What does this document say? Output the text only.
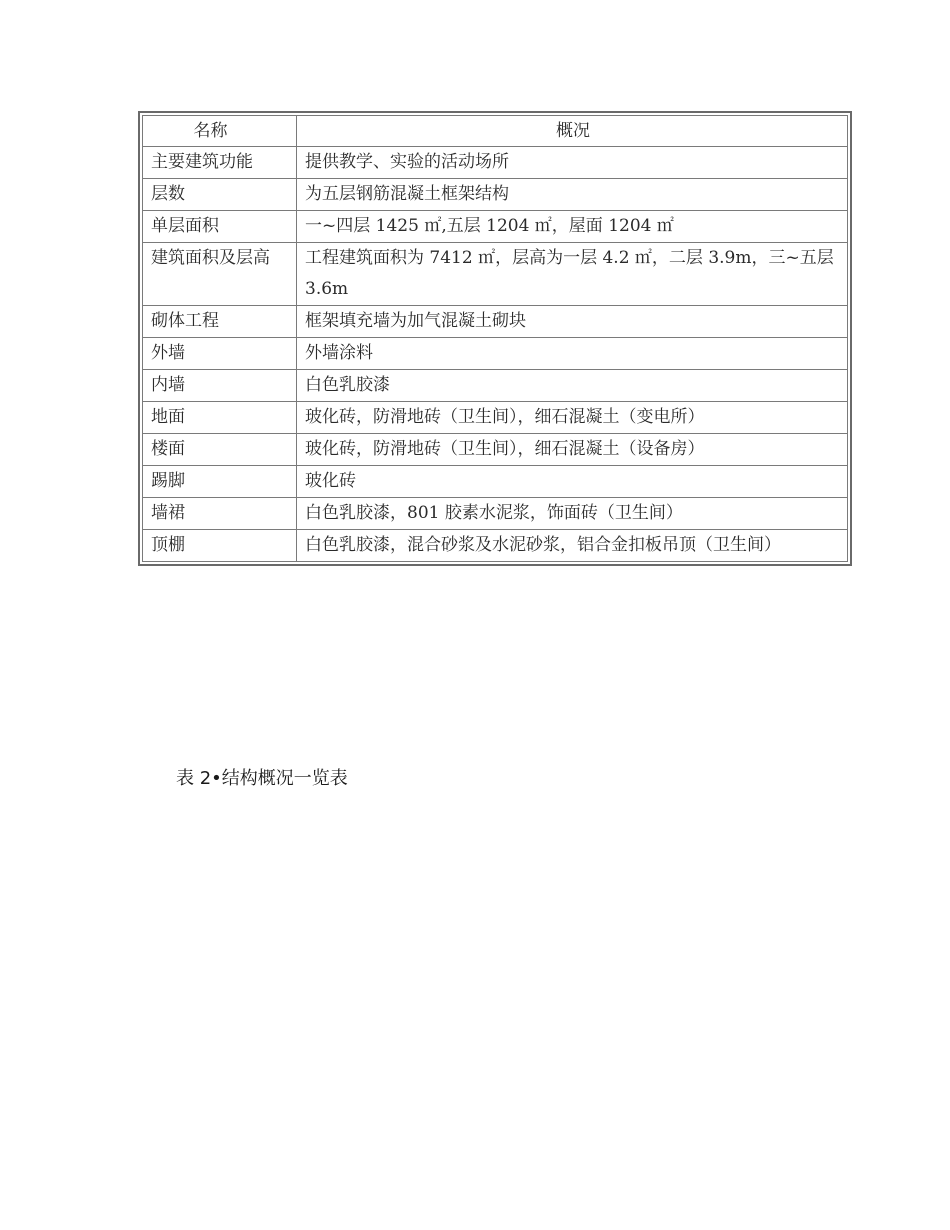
名称	概况
主要建筑功能	提供教学、实验的活动场所
层数	为五层钢筋混凝土框架结构
单层面积	一~四层 1425 ㎡,五层 1204 ㎡，屋面 1204 ㎡
建筑面积及层高	工程建筑面积为 7412 ㎡，层高为一层 4.2 ㎡，二层 3.9m，三~五层 3.6m
砌体工程	框架填充墙为加气混凝土砌块
外墙	外墙涂料
内墙	白色乳胶漆
地面	玻化砖，防滑地砖（卫生间），细石混凝土（变电所）
楼面	玻化砖，防滑地砖（卫生间），细石混凝土（设备房）
踢脚	玻化砖
墙裙	白色乳胶漆，801 胶素水泥浆，饰面砖（卫生间）
顶棚	白色乳胶漆，混合砂浆及水泥砂浆，铝合金扣板吊顶（卫生间）
表 2•结构概况一览表
